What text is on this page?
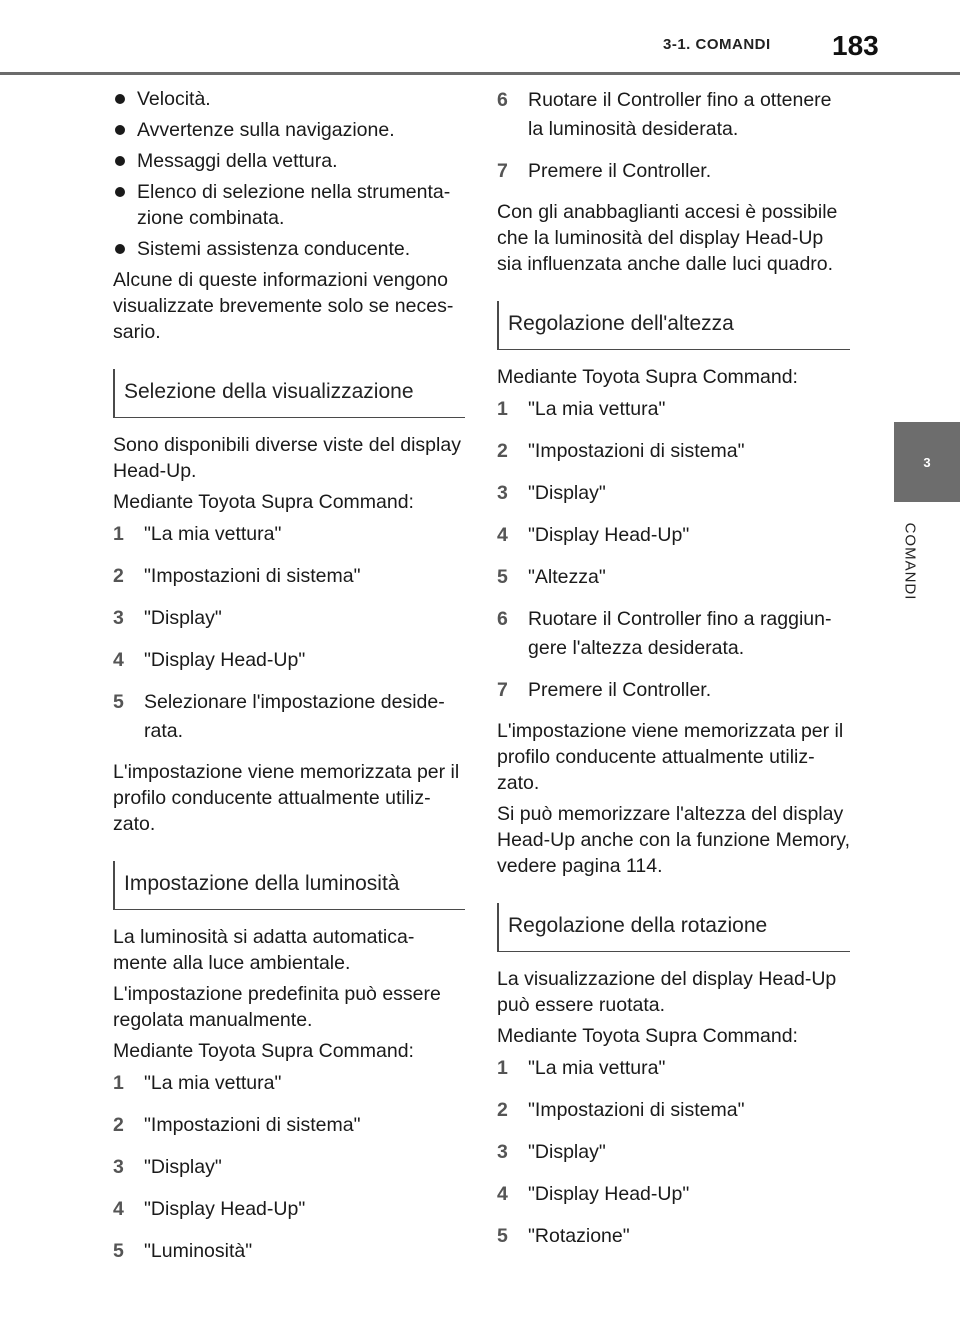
3-1. COMANDI 183
3
COMANDI
Velocità.
Avvertenze sulla navigazione.
Messaggi della vettura.
Elenco di selezione nella strumenta-zione combinata.
Sistemi assistenza conducente.

Alcune di queste informazioni vengono visualizzate brevemente solo se neces-sario.

Selezione della visualizzazione

Sono disponibili diverse viste del display Head-Up.

Mediante Toyota Supra Command:

1 "La mia vettura"
2 "Impostazioni di sistema"
3 "Display"
4 "Display Head-Up"
5 Selezionare l'impostazione deside-rata.

L'impostazione viene memorizzata per il profilo conducente attualmente utiliz-zato.

Impostazione della luminosità

La luminosità si adatta automatica-mente alla luce ambientale.

L'impostazione predefinita può essere regolata manualmente.

Mediante Toyota Supra Command:

1 "La mia vettura"
2 "Impostazioni di sistema"
3 "Display"
4 "Display Head-Up"
5 "Luminosità"
6 Ruotare il Controller fino a ottenere la luminosità desiderata.
7 Premere il Controller.

Con gli anabbaglianti accesi è possibile che la luminosità del display Head-Up sia influenzata anche dalle luci quadro.

Regolazione dell'altezza

Mediante Toyota Supra Command:

1 "La mia vettura"
2 "Impostazioni di sistema"
3 "Display"
4 "Display Head-Up"
5 "Altezza"
6 Ruotare il Controller fino a raggiun-gere l'altezza desiderata.
7 Premere il Controller.

L'impostazione viene memorizzata per il profilo conducente attualmente utiliz-zato.

Si può memorizzare l'altezza del display Head-Up anche con la funzione Memory, vedere pagina 114.

Regolazione della rotazione

La visualizzazione del display Head-Up può essere ruotata.

Mediante Toyota Supra Command:

1 "La mia vettura"
2 "Impostazioni di sistema"
3 "Display"
4 "Display Head-Up"
5 "Rotazione"
